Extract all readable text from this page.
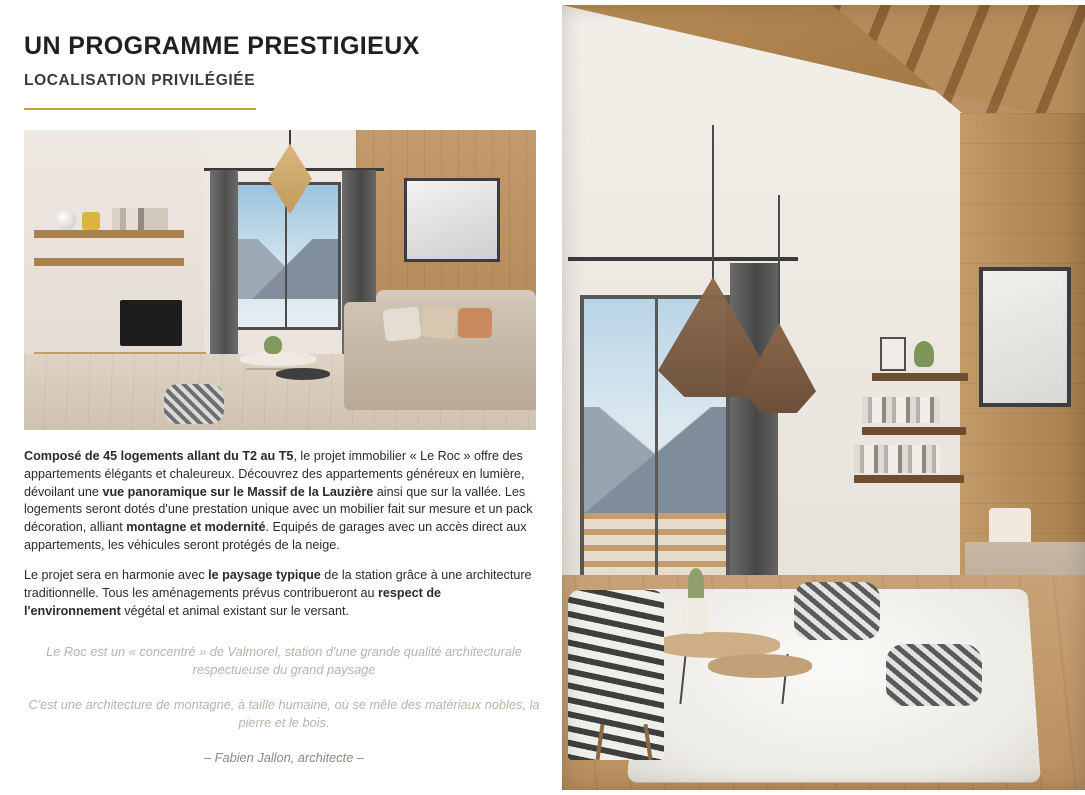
UN PROGRAMME PRESTIGIEUX
LOCALISATION PRIVILÉGIÉE

Composé de 45 logements allant du T2 au T5, le projet immobilier « Le Roc » offre des appartements élégants et chaleureux. Découvrez des appartements généreux en lumière, dévoilant une vue panoramique sur le Massif de la Lauzière ainsi que sur la vallée. Les logements seront dotés d'une prestation unique avec un mobilier fait sur mesure et un pack décoration, alliant montagne et modernité. Equipés de garages avec un accès direct aux appartements, les véhicules seront protégés de la neige.

Le projet sera en harmonie avec le paysage typique de la station grâce à une architecture traditionnelle. Tous les aménagements prévus contribueront au respect de l'environnement végétal et animal existant sur le versant.

Le Roc est un « concentré » de Valmorel, station d'une grande qualité architecturale respectueuse du grand paysage

C'est une architecture de montagne, à taille humaine, où se mêle des matériaux nobles, la pierre et le bois.

– Fabien Jallon, architecte –
